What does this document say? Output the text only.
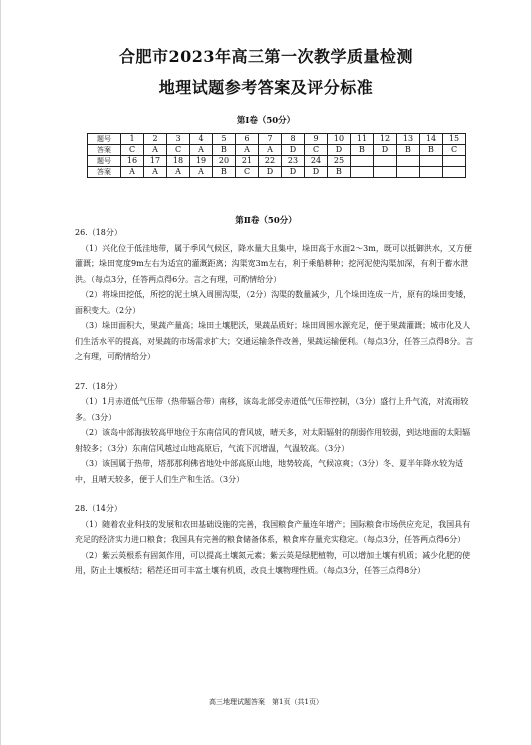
合肥市2023年高三第一次教学质量检测
地理试题参考答案及评分标准
第Ⅰ卷（50分）
题号	1	2	3	4	5	6	7	8	9	10	11	12	13	14	15
答案	C	A	C	A	B	A	A	D	C	D	B	D	B	B	C
题号	16	17	18	19	20	21	22	23	24	25					
答案	A	A	A	A	B	C	D	D	D	B					
第Ⅱ卷（50分）

26.（18分）

（1）兴化位于低洼地带，属于季风气候区，降水量大且集中，垛田高于水面2～3m，既可以抵御洪水，又方便灌溉；垛田宽度9m左右为适宜的灌溉距离；沟渠宽3m左右，利于乘船耕种；挖河泥使沟渠加深，有利于蓄水泄洪。（每点3分，任答两点得6分。言之有理，可酌情给分）

（2）将垛田挖低，所挖的泥土填入周围沟渠，（2分）沟渠的数量减少，几个垛田连成一片，原有的垛田变矮，面积变大。（2分）

（3）垛田面积大，果蔬产量高；垛田土壤肥沃，果蔬品质好；垛田周围水源充足，便于果蔬灌溉；城市化及人们生活水平的提高，对果蔬的市场需求扩大；交通运输条件改善，果蔬运输便利。（每点3分，任答三点得8分。言之有理，可酌情给分）

27.（18分）

（1）1月赤道低气压带（热带辐合带）南移，该岛北部受赤道低气压带控制，（3分）盛行上升气流，对流雨较多。（3分）

（2）该岛中部海拔较高甲地位于东南信风的背风坡，晴天多，对太阳辐射的削弱作用较弱，到达地面的太阳辐射较多；（3分）东南信风越过山地高原后，气流下沉增温，气温较高。（3分）

（3）该国属于热带，塔那那利佛省地处中部高原山地，地势较高，气候凉爽；（3分）冬、夏半年降水较为适中，且晴天较多，便于人们生产和生活。（3分）

28.（14分）

（1）随着农业科技的发展和农田基础设施的完善，我国粮食产量连年增产；国际粮食市场供应充足，我国具有充足的经济实力进口粮食；我国具有完善的粮食储备体系，粮食库存量充实稳定。（每点3分，任答两点得6分）

（2）紫云英根系有固氮作用，可以提高土壤氮元素；紫云英是绿肥植物，可以增加土壤有机质；减少化肥的使用，防止土壤板结；稻茬还田可丰富土壤有机质，改良土壤物理性质。（每点3分，任答三点得8分）

高三地理试题答案　第1页（共1页）
